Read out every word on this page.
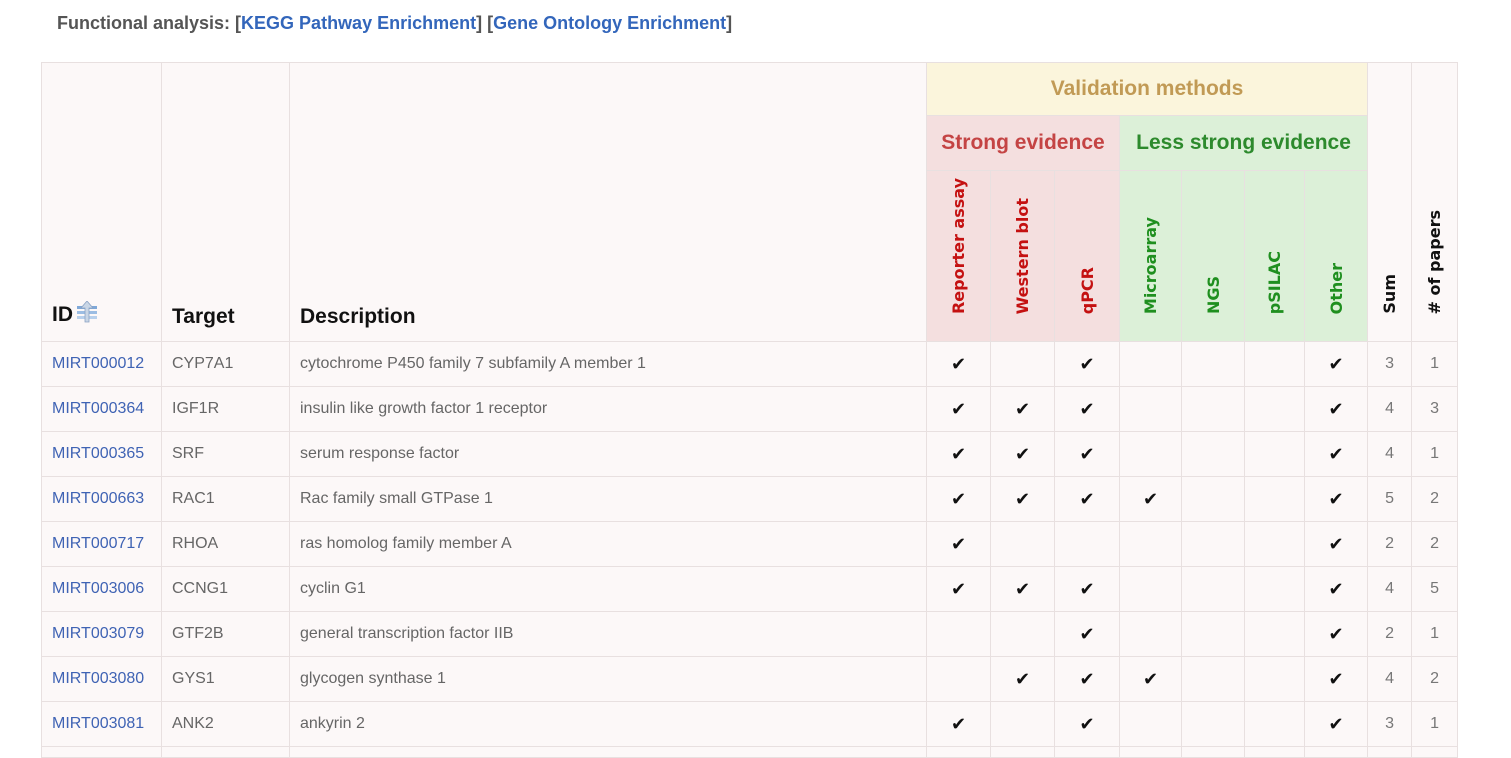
Functional analysis: [KEGG Pathway Enrichment] [Gene Ontology Enrichment]
ID	Target	Description	Validation methods							Sum	# of papers
			Strong evidence			Less strong evidence					
			Reporter assay	Western blot	qPCR	Microarray	NGS	pSILAC	Other		
MIRT000012	CYP7A1	cytochrome P450 family 7 subfamily A member 1	✔		✔				✔	3	1
MIRT000364	IGF1R	insulin like growth factor 1 receptor	✔	✔	✔				✔	4	3
MIRT000365	SRF	serum response factor	✔	✔	✔				✔	4	1
MIRT000663	RAC1	Rac family small GTPase 1	✔	✔	✔	✔			✔	5	2
MIRT000717	RHOA	ras homolog family member A	✔						✔	2	2
MIRT003006	CCNG1	cyclin G1	✔	✔	✔				✔	4	5
MIRT003079	GTF2B	general transcription factor IIB			✔				✔	2	1
MIRT003080	GYS1	glycogen synthase 1		✔	✔	✔			✔	4	2
MIRT003081	ANK2	ankyrin 2	✔		✔				✔	3	1
